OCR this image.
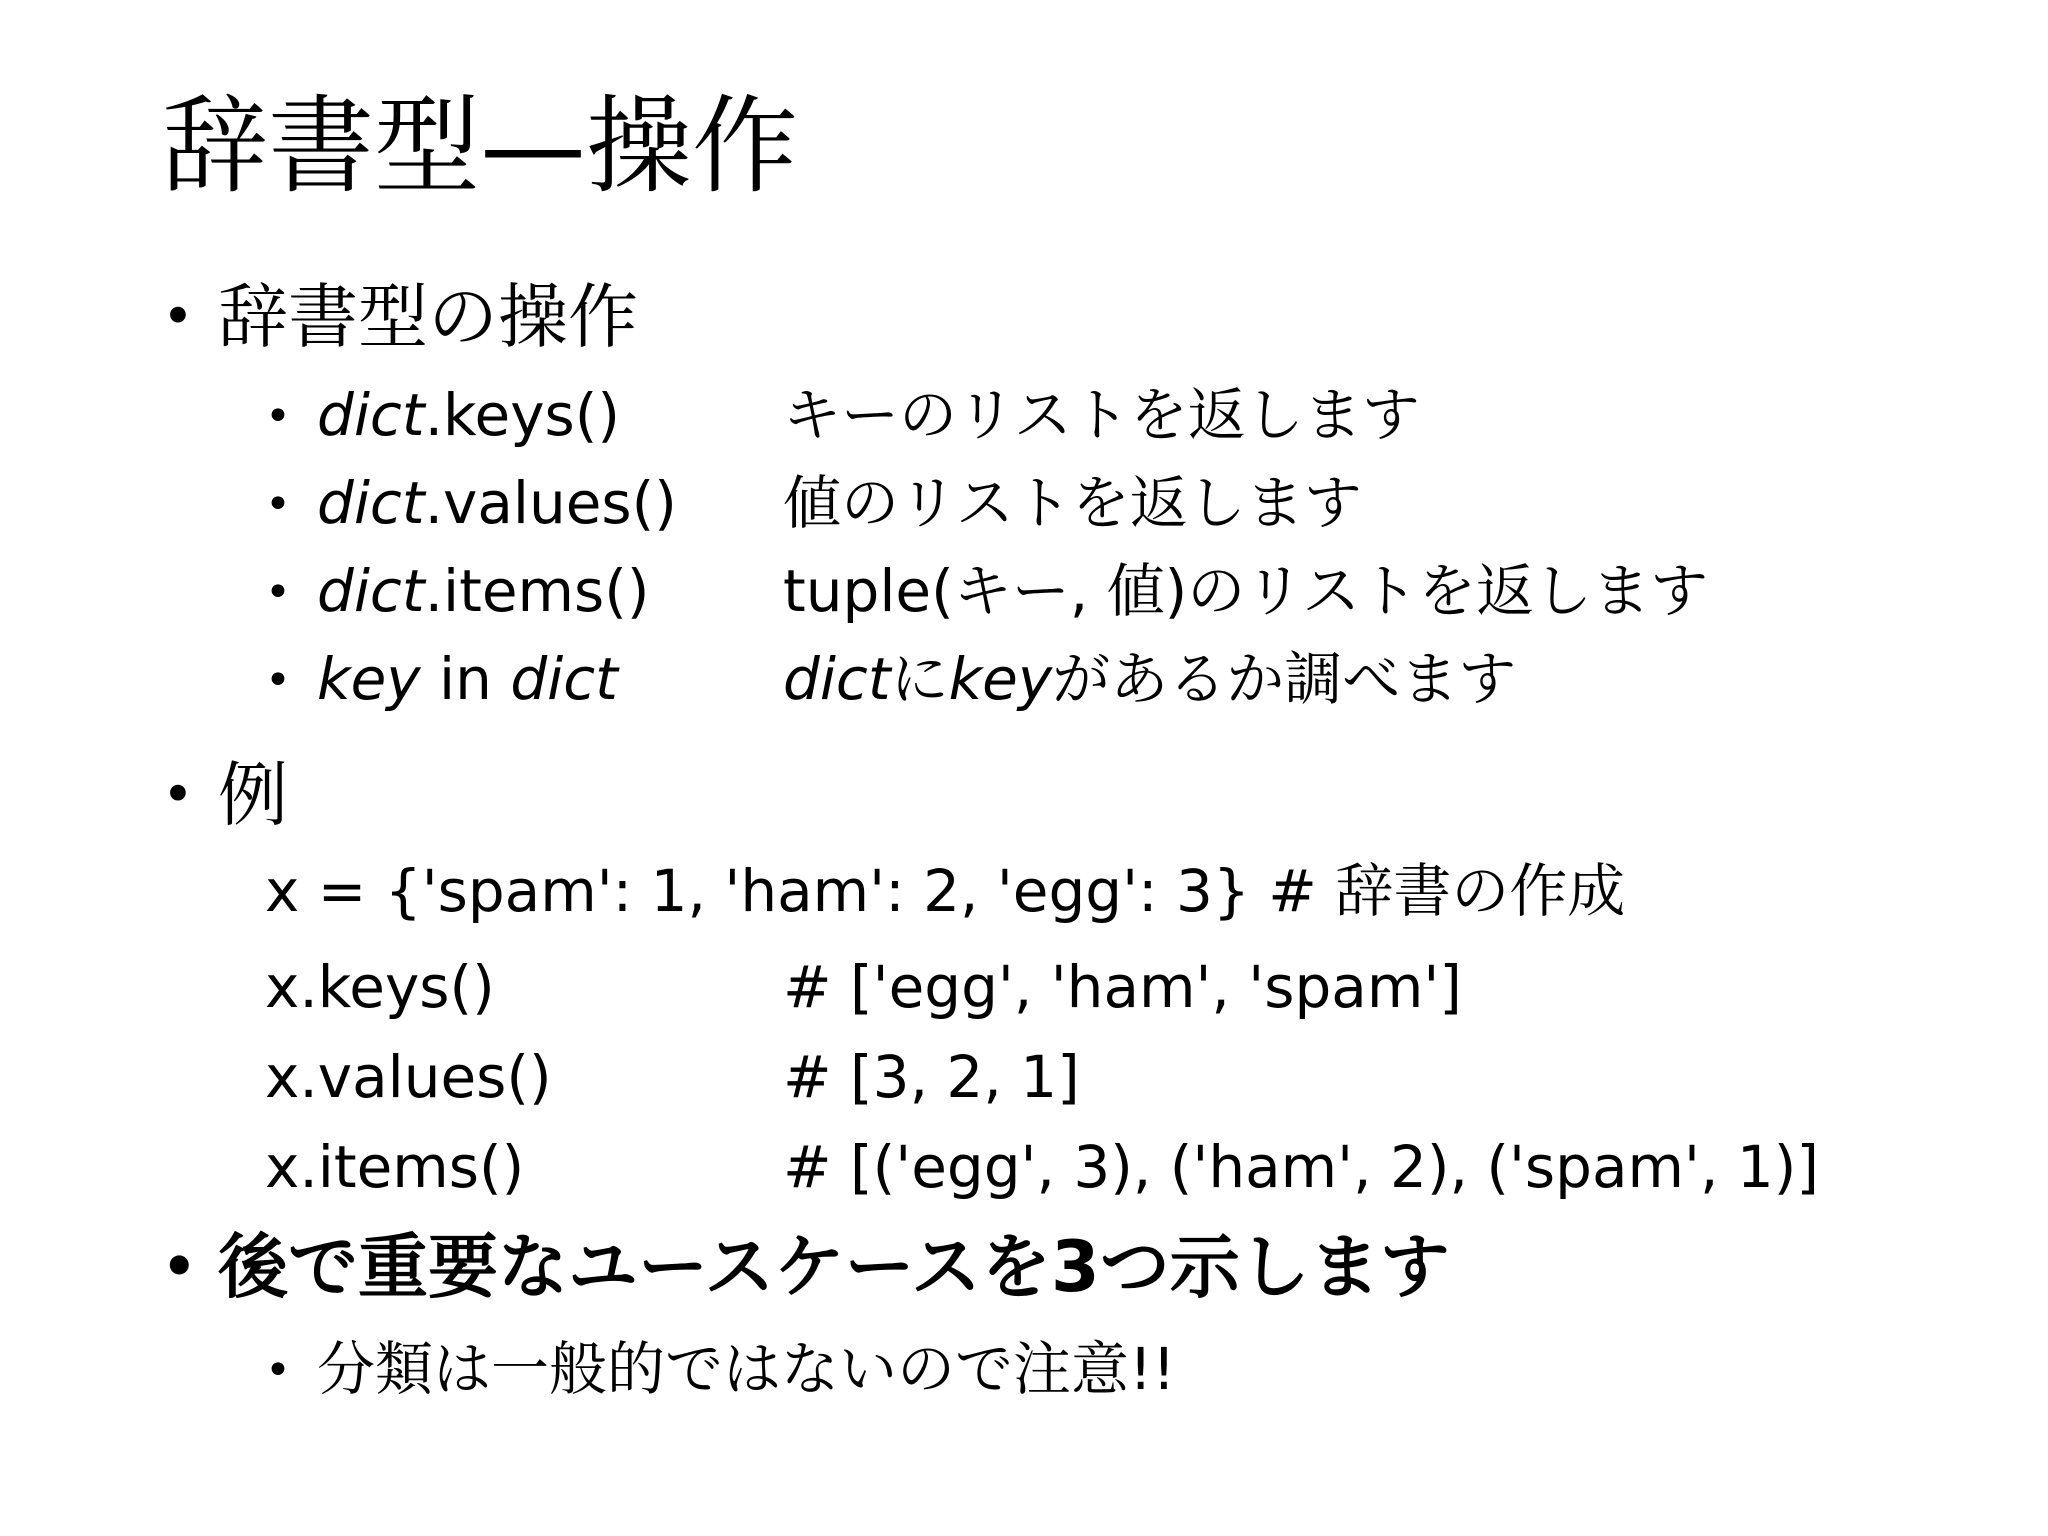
辞書型—操作
• 辞書型の操作
• dict.keys()	キーのリストを返します
• dict.values() 値のリストを返します
• dict.items() tuple(キー, 値)のリストを返します
• key in dict	dictにkeyがあるか調べます
• 例
x = {'spam': 1, 'ham': 2, 'egg': 3} # 辞書の作成
x.keys()	# ['egg', 'ham', 'spam']
x.values()	# [3, 2, 1]
x.items()	# [('egg', 3), ('ham', 2), ('spam', 1)]
• 後で重要なユースケースを3つ示します
• 分類は一般的ではないので注意!!
